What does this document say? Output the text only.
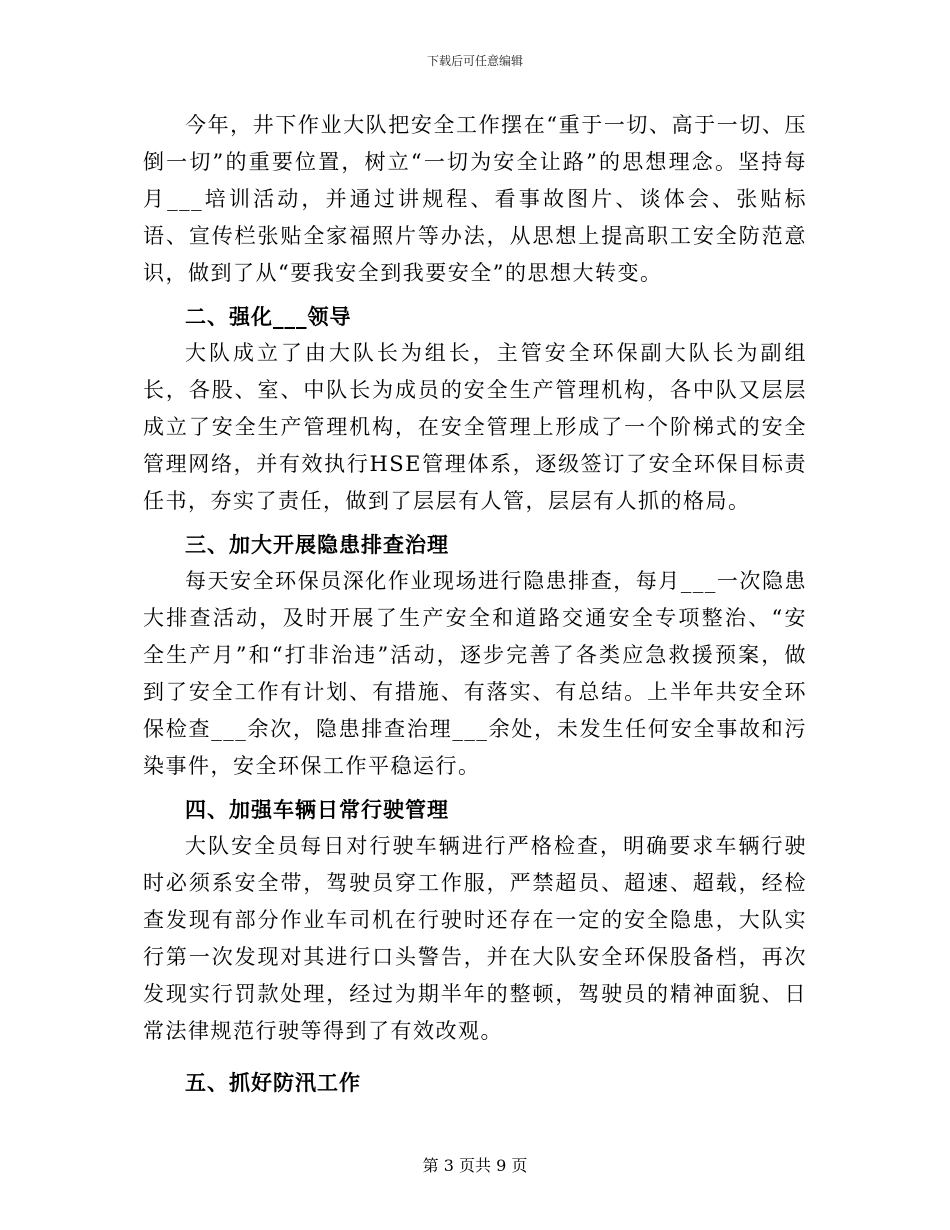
下载后可任意编辑

今年，井下作业大队把安全工作摆在“重于一切、高于一切、压倒一切”的重要位置，树立“一切为安全让路”的思想理念。坚持每月___培训活动，并通过讲规程、看事故图片、谈体会、张贴标语、宣传栏张贴全家福照片等办法，从思想上提高职工安全防范意识，做到了从“要我安全到我要安全”的思想大转变。

二、强化___领导

大队成立了由大队长为组长，主管安全环保副大队长为副组长，各股、室、中队长为成员的安全生产管理机构，各中队又层层成立了安全生产管理机构，在安全管理上形成了一个阶梯式的安全管理网络，并有效执行HSE管理体系，逐级签订了安全环保目标责任书，夯实了责任，做到了层层有人管，层层有人抓的格局。

三、加大开展隐患排查治理

每天安全环保员深化作业现场进行隐患排查，每月___一次隐患大排查活动，及时开展了生产安全和道路交通安全专项整治、“安全生产月”和“打非治违”活动，逐步完善了各类应急救援预案，做到了安全工作有计划、有措施、有落实、有总结。上半年共安全环保检查___余次，隐患排查治理___余处，未发生任何安全事故和污染事件，安全环保工作平稳运行。

四、加强车辆日常行驶管理

大队安全员每日对行驶车辆进行严格检查，明确要求车辆行驶时必须系安全带，驾驶员穿工作服，严禁超员、超速、超载，经检查发现有部分作业车司机在行驶时还存在一定的安全隐患，大队实行第一次发现对其进行口头警告，并在大队安全环保股备档，再次发现实行罚款处理，经过为期半年的整顿，驾驶员的精神面貌、日常法律规范行驶等得到了有效改观。

五、抓好防汛工作

第 3 页共 9 页
